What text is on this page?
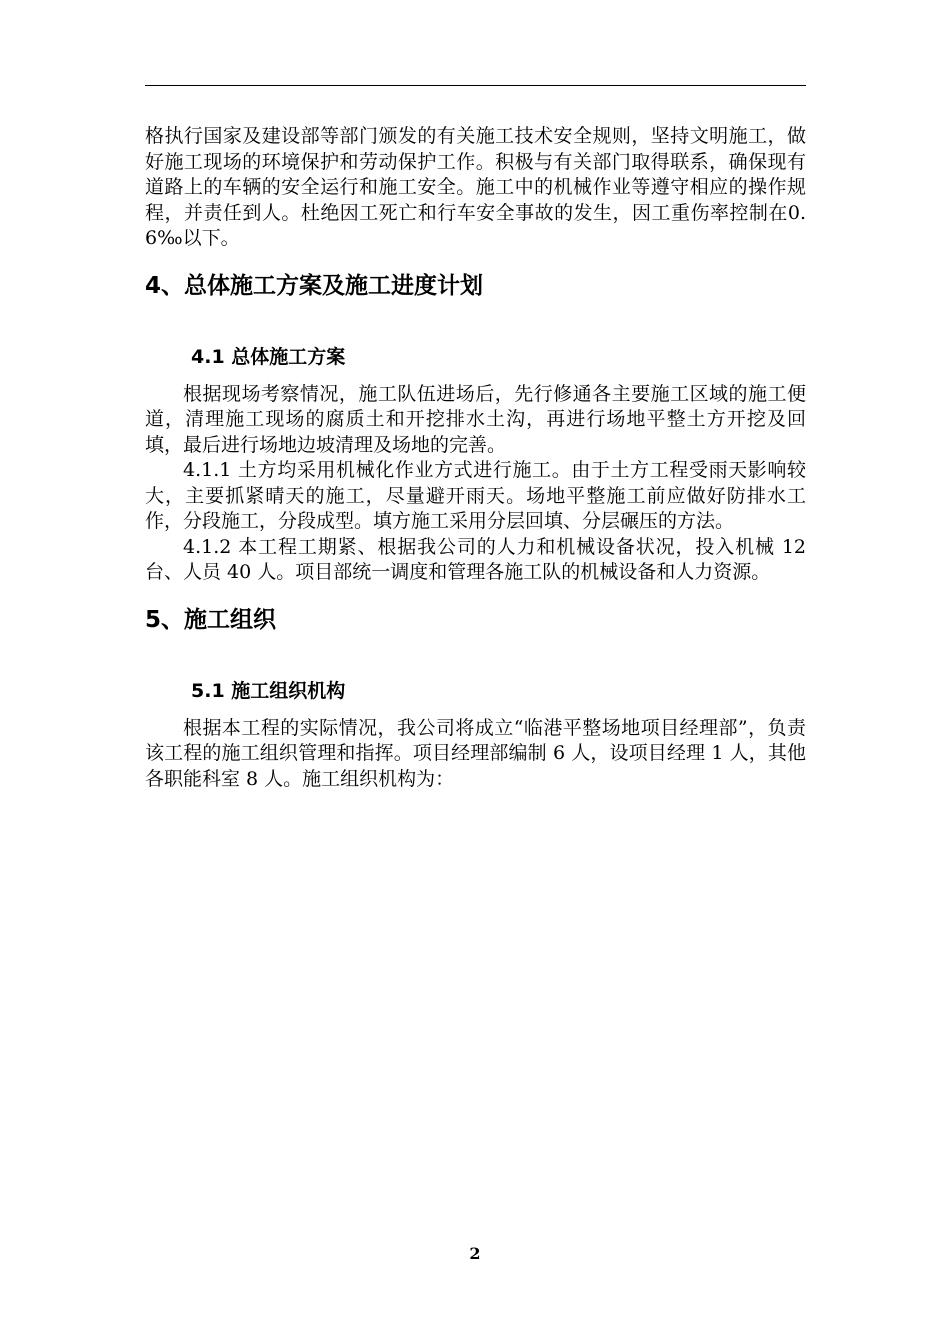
格执行国家及建设部等部门颁发的有关施工技术安全规则，坚持文明施工，做好施工现场的环境保护和劳动保护工作。积极与有关部门取得联系，确保现有道路上的车辆的安全运行和施工安全。施工中的机械作业等遵守相应的操作规程，并责任到人。杜绝因工死亡和行车安全事故的发生，因工重伤率控制在0.6‰以下。

4、总体施工方案及施工进度计划
4.1 总体施工方案

根据现场考察情况，施工队伍进场后，先行修通各主要施工区域的施工便道，清理施工现场的腐质土和开挖排水土沟，再进行场地平整土方开挖及回填，最后进行场地边坡清理及场地的完善。

4.1.1 土方均采用机械化作业方式进行施工。由于土方工程受雨天影响较大，主要抓紧晴天的施工，尽量避开雨天。场地平整施工前应做好防排水工作，分段施工，分段成型。填方施工采用分层回填、分层碾压的方法。

4.1.2 本工程工期紧、根据我公司的人力和机械设备状况，投入机械 12 台、人员 40 人。项目部统一调度和管理各施工队的机械设备和人力资源。

5、施工组织
5.1 施工组织机构

根据本工程的实际情况，我公司将成立“临港平整场地项目经理部”，负责该工程的施工组织管理和指挥。项目经理部编制 6 人，设项目经理 1 人，其他各职能科室 8 人。施工组织机构为：

2
